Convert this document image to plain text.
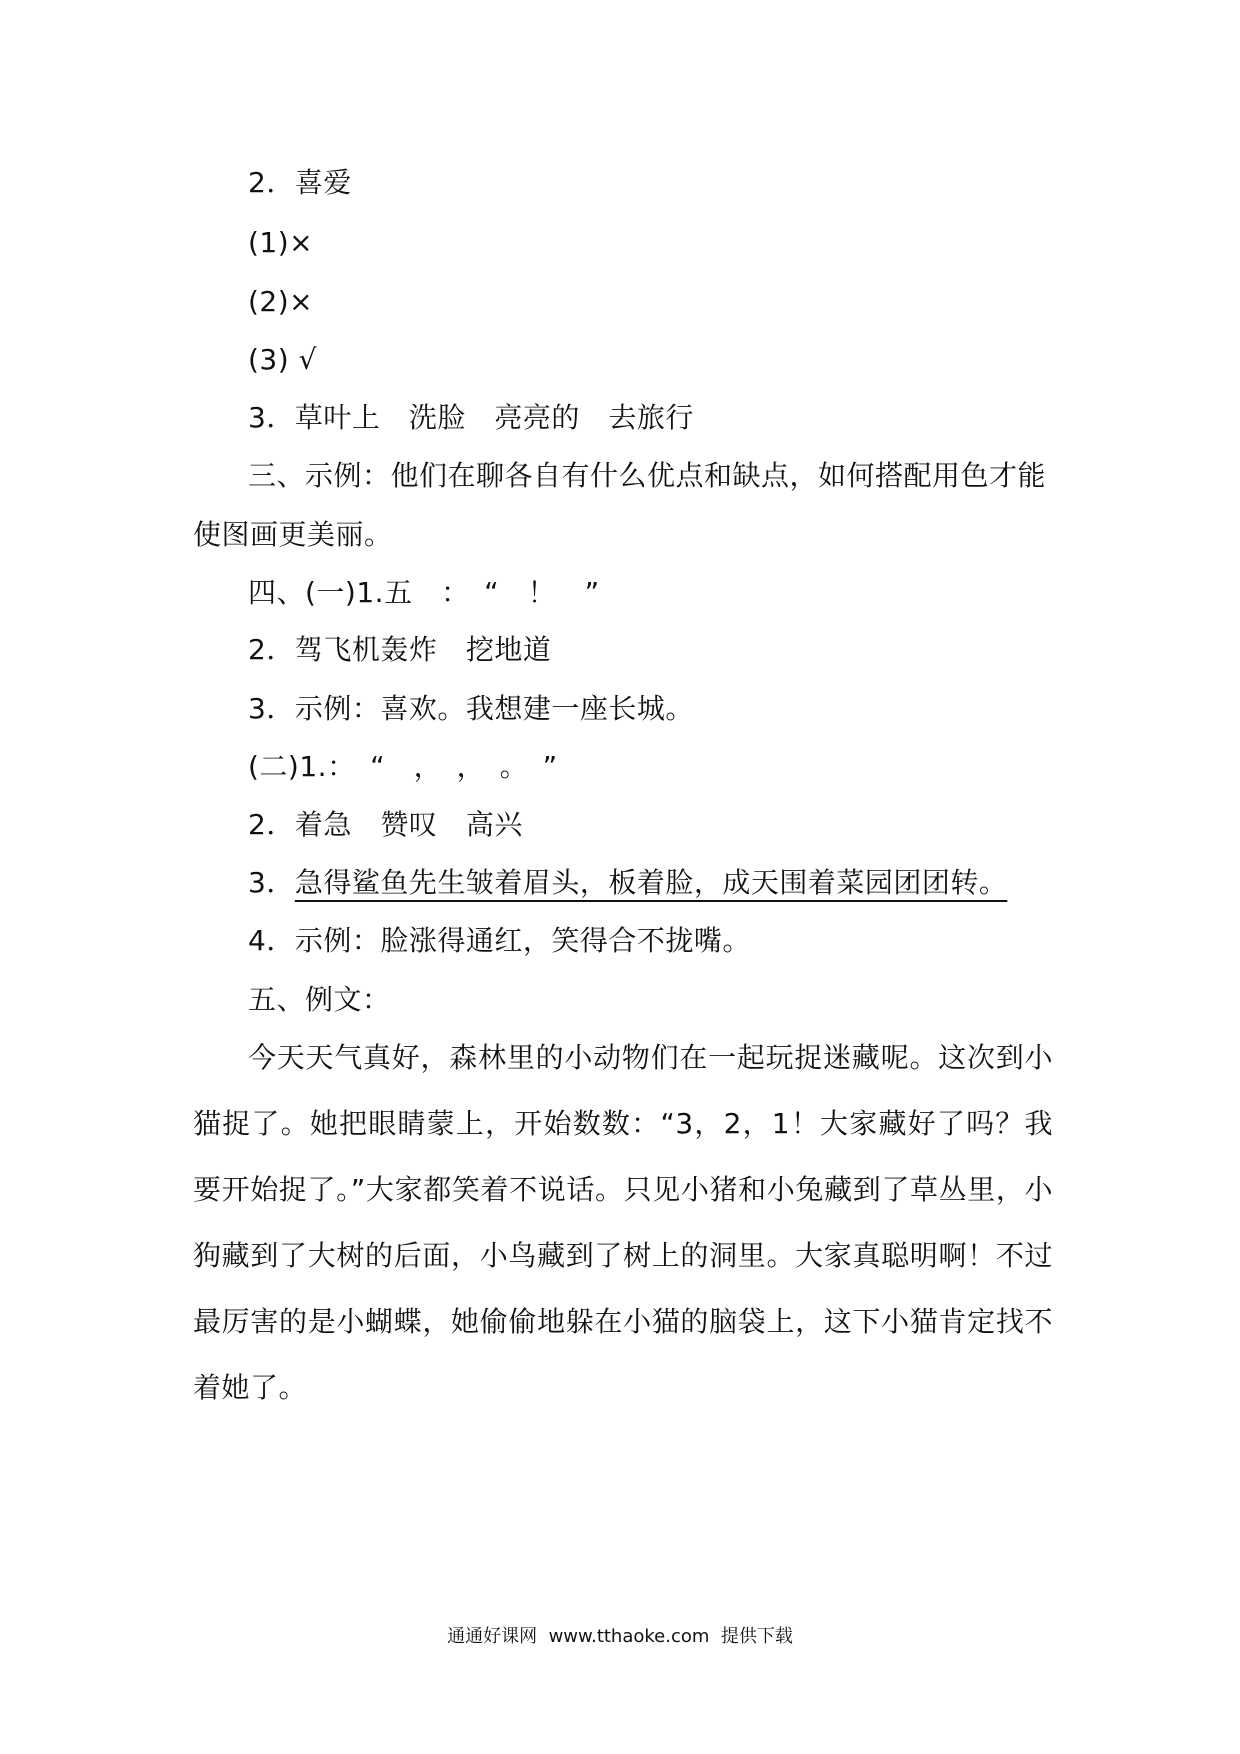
2．喜爱
(1)×
(2)×
(3) √
3．草叶上　洗脸　亮亮的　去旅行
三、示例：他们在聊各自有什么优点和缺点，如何搭配用色才能
使图画更美丽。
四、(一)1.五　：　“　！　”
2．驾飞机轰炸　挖地道
3．示例：喜欢。我想建一座长城。
(二)1.：　“　，　，　。　”
2．着急　赞叹　高兴
3．急得鲨鱼先生皱着眉头，板着脸，成天围着菜园团团转。
4．示例：脸涨得通红，笑得合不拢嘴。
五、例文：
今天天气真好，森林里的小动物们在一起玩捉迷藏呢。这次到小猫捉了。她把眼睛蒙上，开始数数：“3，2，1！大家藏好了吗？我要开始捉了。”大家都笑着不说话。只见小猪和小兔藏到了草丛里，小狗藏到了大树的后面，小鸟藏到了树上的洞里。大家真聪明啊！不过最厉害的是小蝴蝶，她偷偷地躲在小猫的脑袋上，这下小猫肯定找不着她了。
通通好课网  www.tthaoke.com  提供下载
